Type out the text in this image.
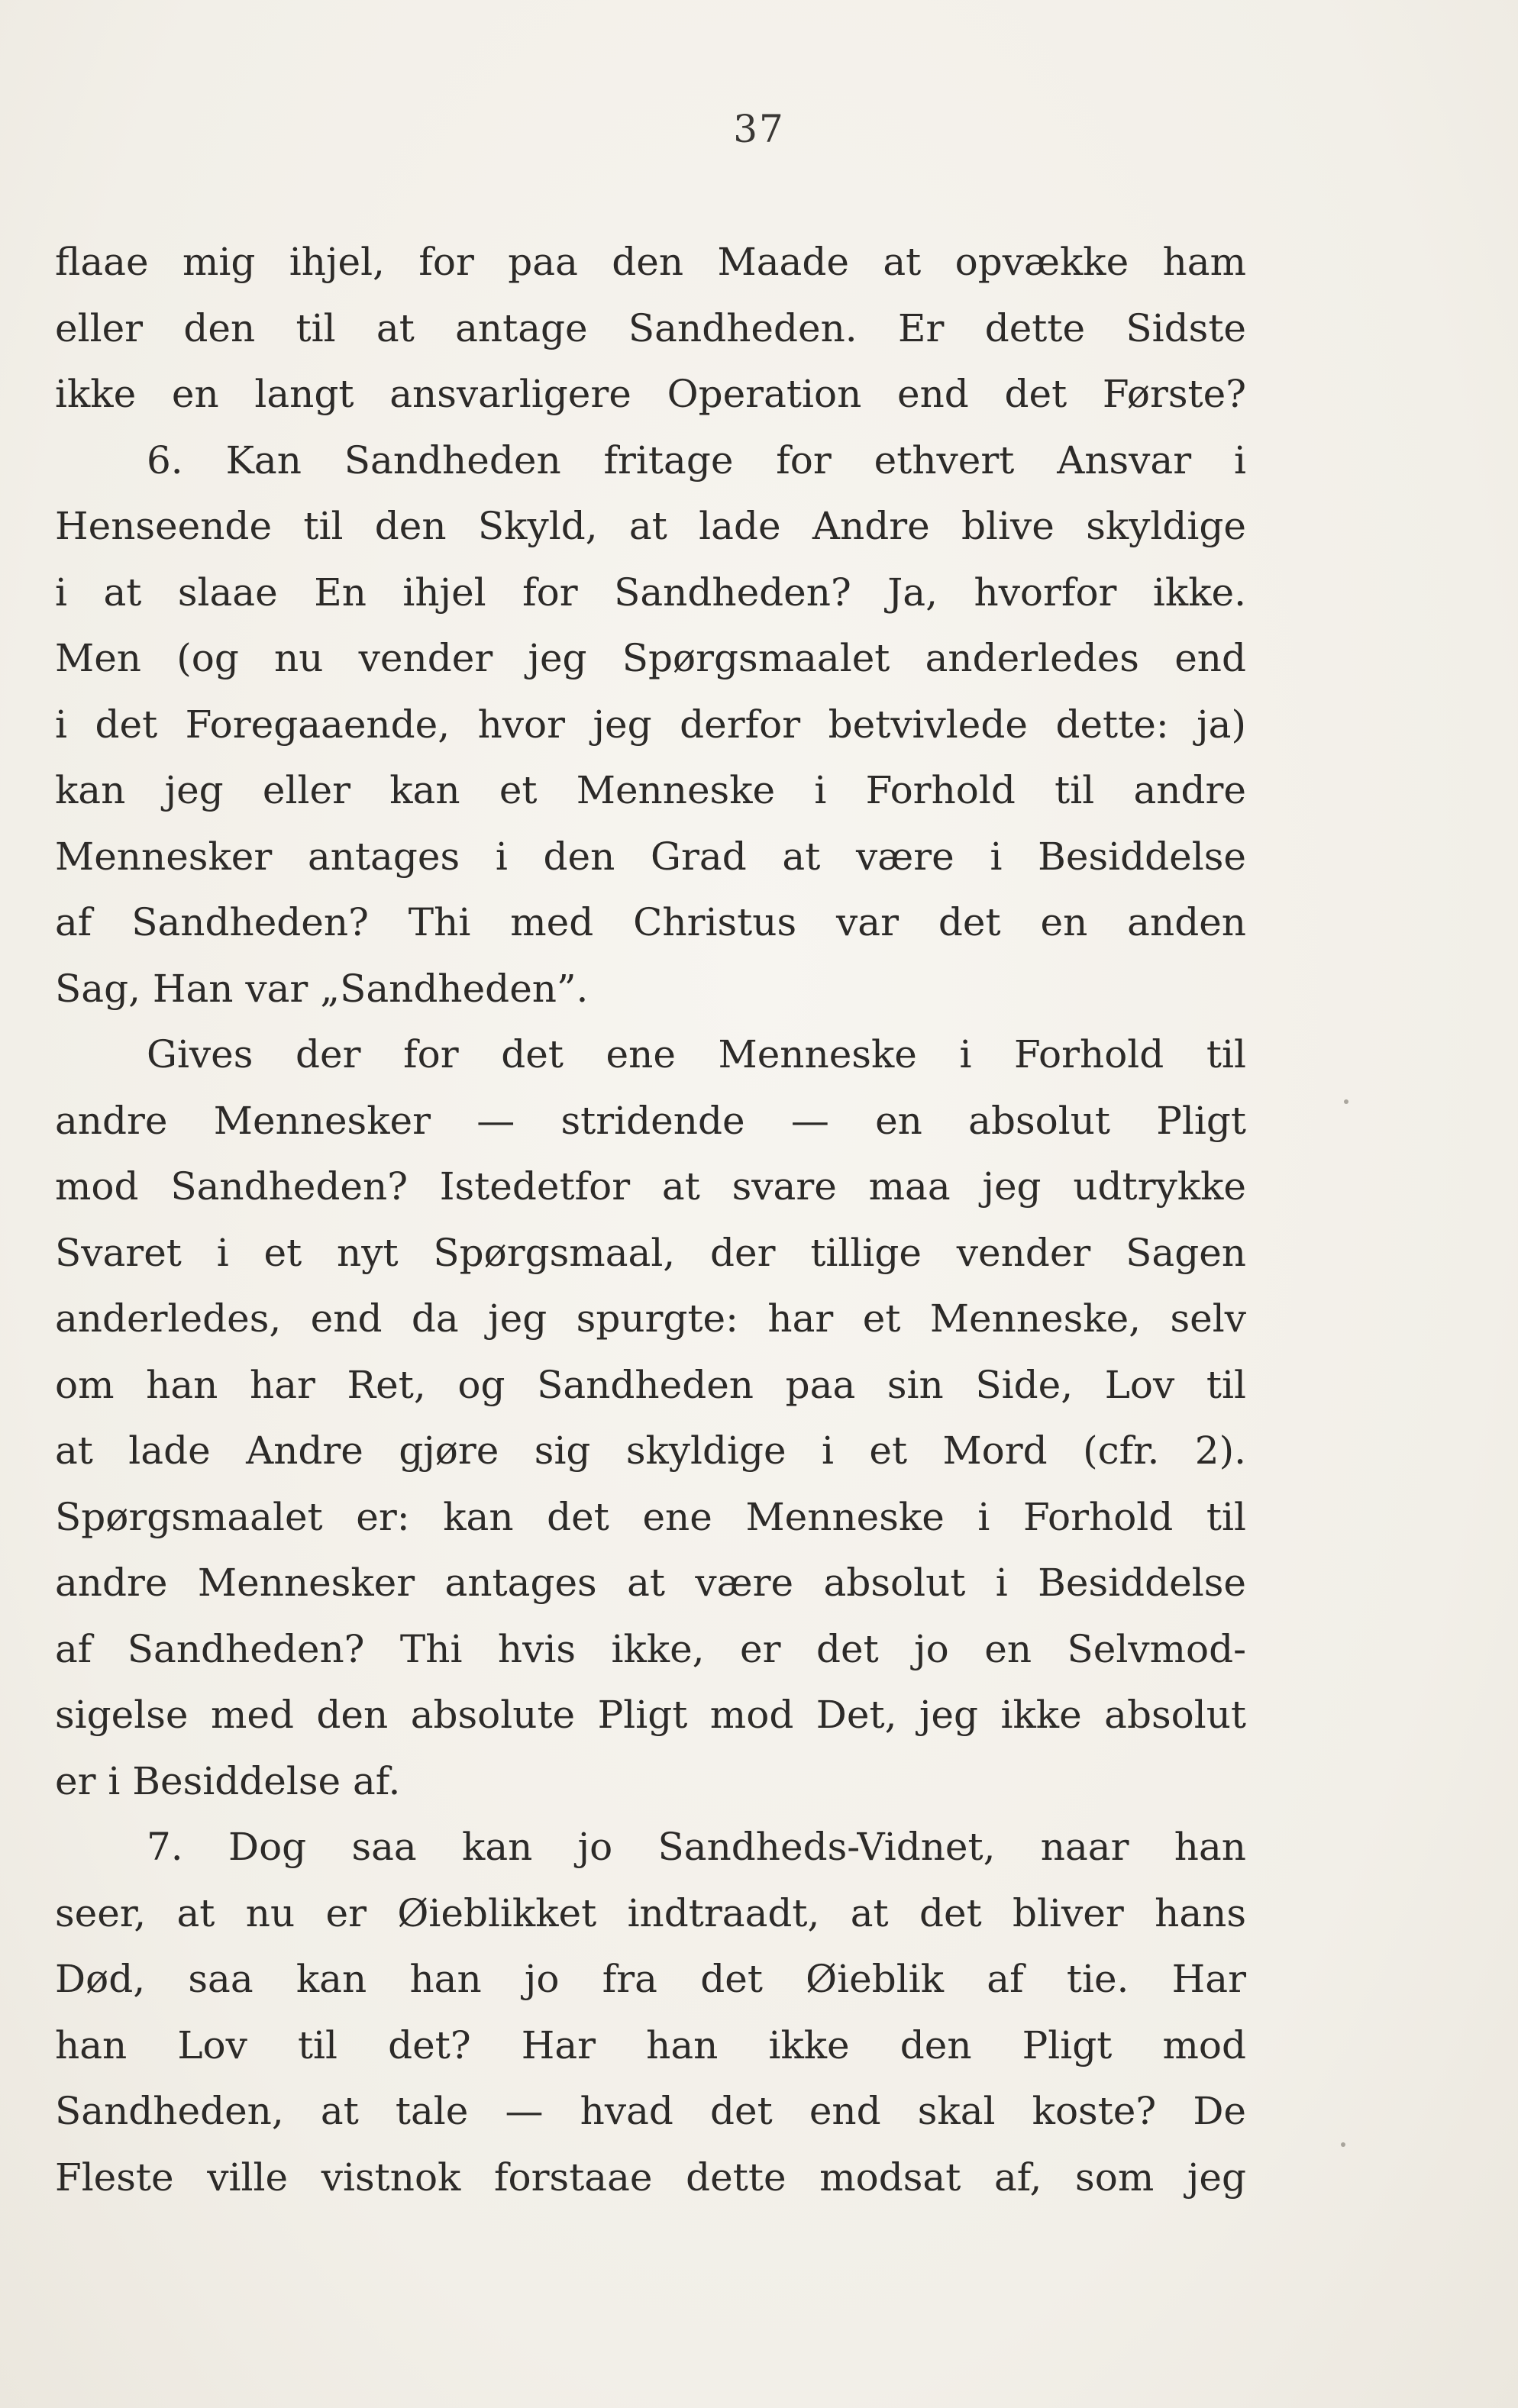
37
flaae mig ihjel, for paa den Maade at opvække ham
eller den til at antage Sandheden. Er dette Sidste
ikke en langt ansvarligere Operation end det Første?
6. Kan Sandheden fritage for ethvert Ansvar i
Henseende til den Skyld, at lade Andre blive skyldige
i at slaae En ihjel for Sandheden? Ja, hvorfor ikke.
Men (og nu vender jeg Spørgsmaalet anderledes end
i det Foregaaende, hvor jeg derfor betvivlede dette: ja)
kan jeg eller kan et Menneske i Forhold til andre
Mennesker antages i den Grad at være i Besiddelse
af Sandheden? Thi med Christus var det en anden
Sag, Han var „Sandheden”.
Gives der for det ene Menneske i Forhold til
andre Mennesker — stridende — en absolut Pligt
mod Sandheden? Istedetfor at svare maa jeg udtrykke
Svaret i et nyt Spørgsmaal, der tillige vender Sagen
anderledes, end da jeg spurgte: har et Menneske, selv
om han har Ret, og Sandheden paa sin Side, Lov til
at lade Andre gjøre sig skyldige i et Mord (cfr. 2).
Spørgsmaalet er: kan det ene Menneske i Forhold til
andre Mennesker antages at være absolut i Besiddelse
af Sandheden? Thi hvis ikke, er det jo en Selvmod-
sigelse med den absolute Pligt mod Det, jeg ikke absolut
er i Besiddelse af.
7. Dog saa kan jo Sandheds-Vidnet, naar han
seer, at nu er Øieblikket indtraadt, at det bliver hans
Død, saa kan han jo fra det Øieblik af tie. Har
han Lov til det? Har han ikke den Pligt mod
Sandheden, at tale — hvad det end skal koste? De
Fleste ville vistnok forstaae dette modsat af, som jeg
